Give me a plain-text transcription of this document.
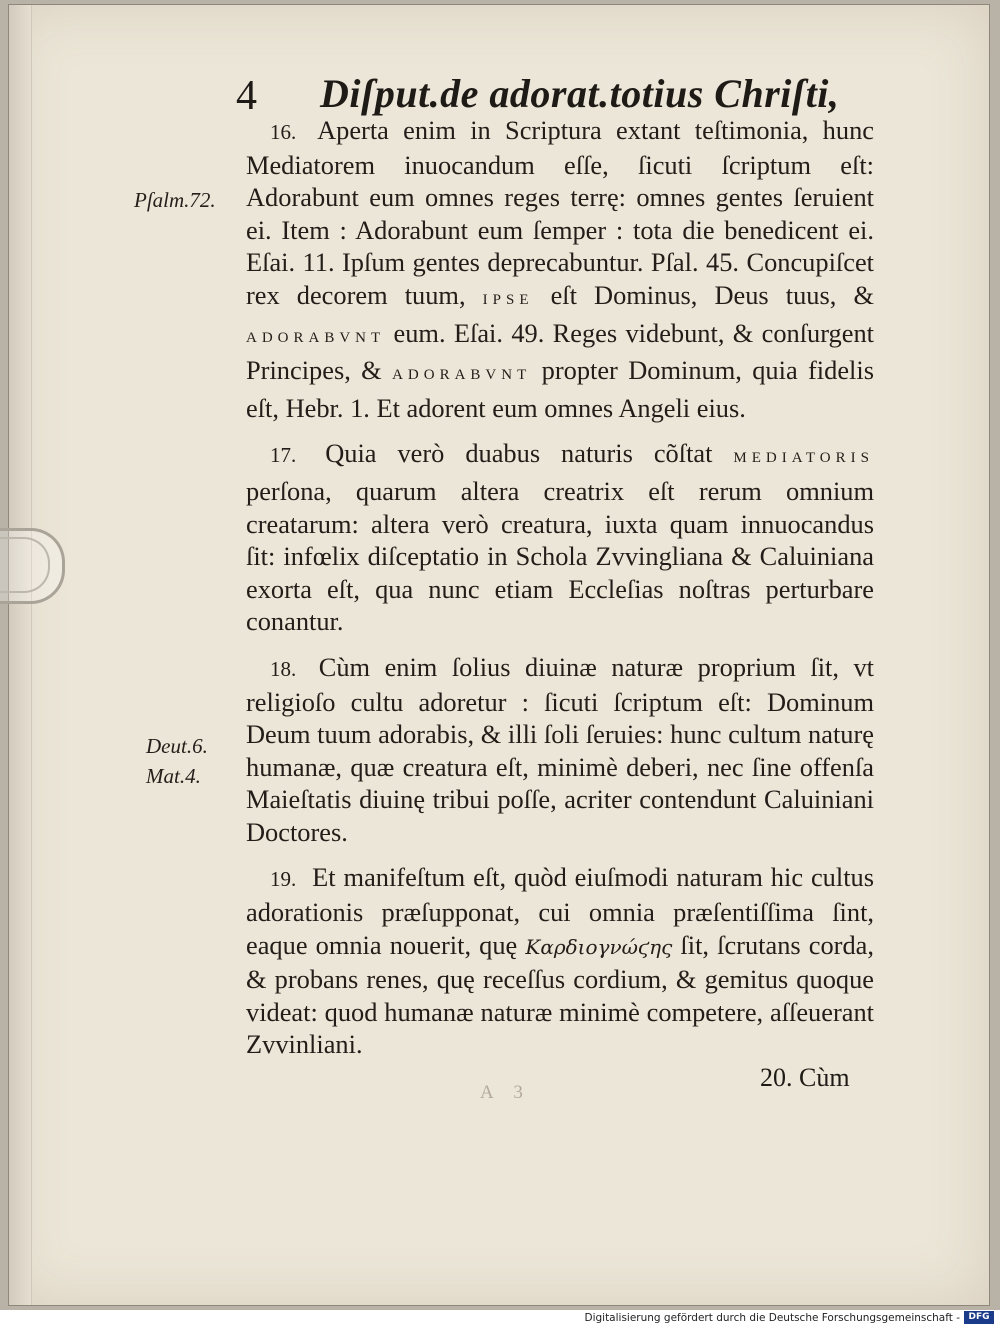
4 Diſput.de adorat.totius Chriſti,
Pſalm.72.
Deut.6.
Mat.4.

16. Aperta enim in Scriptura extant teſtimonia, hunc Mediatorem inuocandum eſſe, ſicuti ſcriptum eſt: Adorabunt eum omnes reges terrę: omnes gentes ſeruient ei. Item : Adorabunt eum ſemper : tota die benedicent ei. Eſai. 11. Ipſum gentes deprecabuntur. Pſal. 45. Concupiſcet rex decorem tuum, IPSE eſt Dominus, Deus tuus, & ADORABVNT eum. Eſai. 49. Reges videbunt, & conſurgent Principes, & ADORABVNT propter Dominum, quia fidelis eſt, Hebr. 1. Et adorent eum omnes Angeli eius.

17. Quia verò duabus naturis cõſtat MEDIATORIS perſona, quarum altera creatrix eſt rerum omnium creatarum: altera verò creatura, iuxta quam innuocandus ſit: infœlix diſceptatio in Schola Zvvingliana & Caluiniana exorta eſt, qua nunc etiam Eccleſias noſtras perturbare conantur.

18. Cùm enim ſolius diuinæ naturæ proprium ſit, vt religioſo cultu adoretur : ſicuti ſcriptum eſt: Dominum Deum tuum adorabis, & illi ſoli ſeruies: hunc cultum naturę humanæ, quæ creatura eſt, minimè deberi, nec ſine offenſa Maieſtatis diuinę tribui poſſe, acriter contendunt Caluiniani Doctores.

19. Et manifeſtum eſt, quòd eiuſmodi naturam hic cultus adorationis præſupponat, cui omnia præſentiſſima ſint, eaque omnia nouerit, quę Καρδιογνώϛης ſit, ſcrutans corda, & probans renes, quę receſſus cordium, & gemitus quoque videat: quod humanæ naturæ minimè competere, aſſeuerant Zvvinliani.

A 3
20. Cùm
Digitalisierung gefördert durch die Deutsche Forschungsgemeinschaft - DFG
